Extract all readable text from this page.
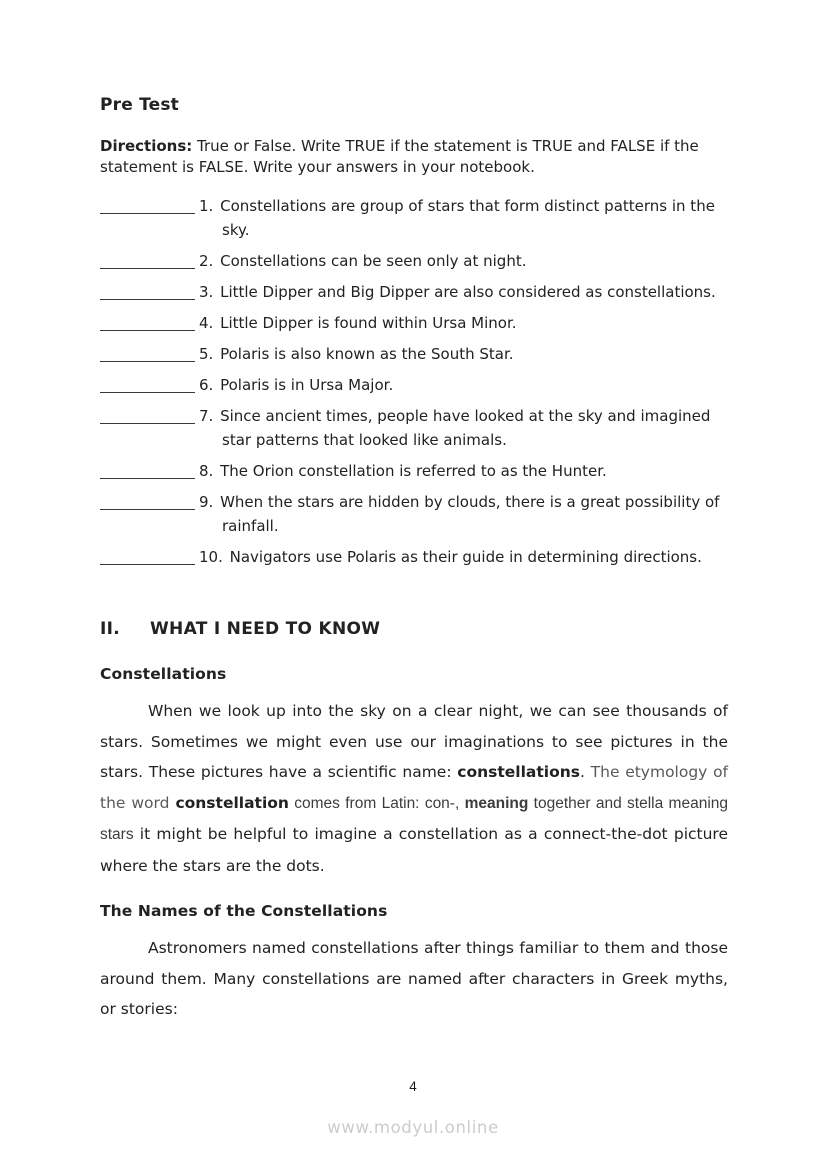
Pre Test

Directions: True or False. Write TRUE if the statement is TRUE and FALSE if the statement is FALSE. Write your answers in your notebook.

1. Constellations are group of stars that form distinct patterns in the sky.
2. Constellations can be seen only at night.
3. Little Dipper and Big Dipper are also considered as constellations.
4. Little Dipper is found within Ursa Minor.
5. Polaris is also known as the South Star.
6. Polaris is in Ursa Major.
7. Since ancient times, people have looked at the sky and imagined star patterns that looked like animals.
8. The Orion constellation is referred to as the Hunter.
9. When the stars are hidden by clouds, there is a great possibility of rainfall.
10. Navigators use Polaris as their guide in determining directions.
II.	WHAT I NEED TO KNOW
Constellations

When we look up into the sky on a clear night, we can see thousands of stars. Sometimes we might even use our imaginations to see pictures in the stars. These pictures have a scientific name: constellations. The etymology of the word constellation comes from Latin: con-, meaning together and stella meaning stars it might be helpful to imagine a constellation as a connect-the-dot picture where the stars are the dots.

The Names of the Constellations

Astronomers named constellations after things familiar to them and those around them. Many constellations are named after characters in Greek myths, or stories:

4
www.modyul.online
